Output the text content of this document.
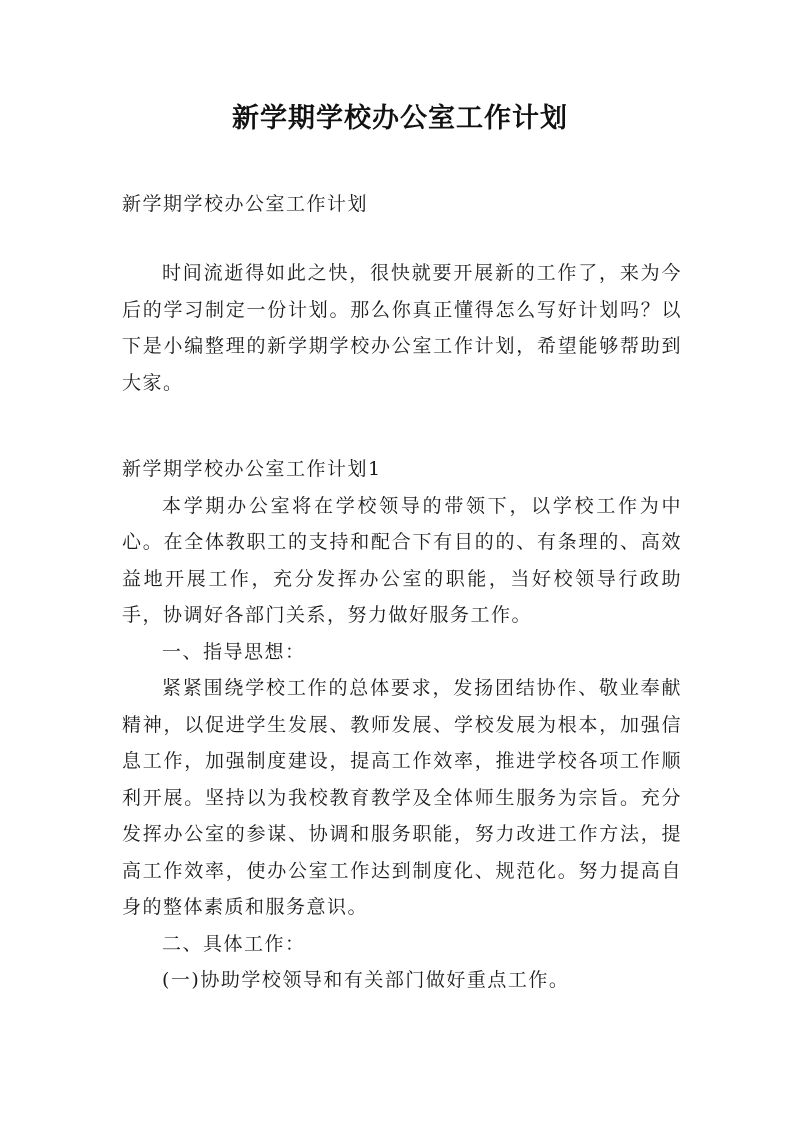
新学期学校办公室工作计划
新学期学校办公室工作计划
时间流逝得如此之快，很快就要开展新的工作了，来为今后的学习制定一份计划。那么你真正懂得怎么写好计划吗？以下是小编整理的新学期学校办公室工作计划，希望能够帮助到大家。

新学期学校办公室工作计划1

本学期办公室将在学校领导的带领下，以学校工作为中心。在全体教职工的支持和配合下有目的的、有条理的、高效益地开展工作，充分发挥办公室的职能，当好校领导行政助手，协调好各部门关系，努力做好服务工作。

一、指导思想：

紧紧围绕学校工作的总体要求，发扬团结协作、敬业奉献精神，以促进学生发展、教师发展、学校发展为根本，加强信息工作，加强制度建设，提高工作效率，推进学校各项工作顺利开展。坚持以为我校教育教学及全体师生服务为宗旨。充分发挥办公室的参谋、协调和服务职能，努力改进工作方法，提高工作效率，使办公室工作达到制度化、规范化。努力提高自身的整体素质和服务意识。

二、具体工作：

(一)协助学校领导和有关部门做好重点工作。
